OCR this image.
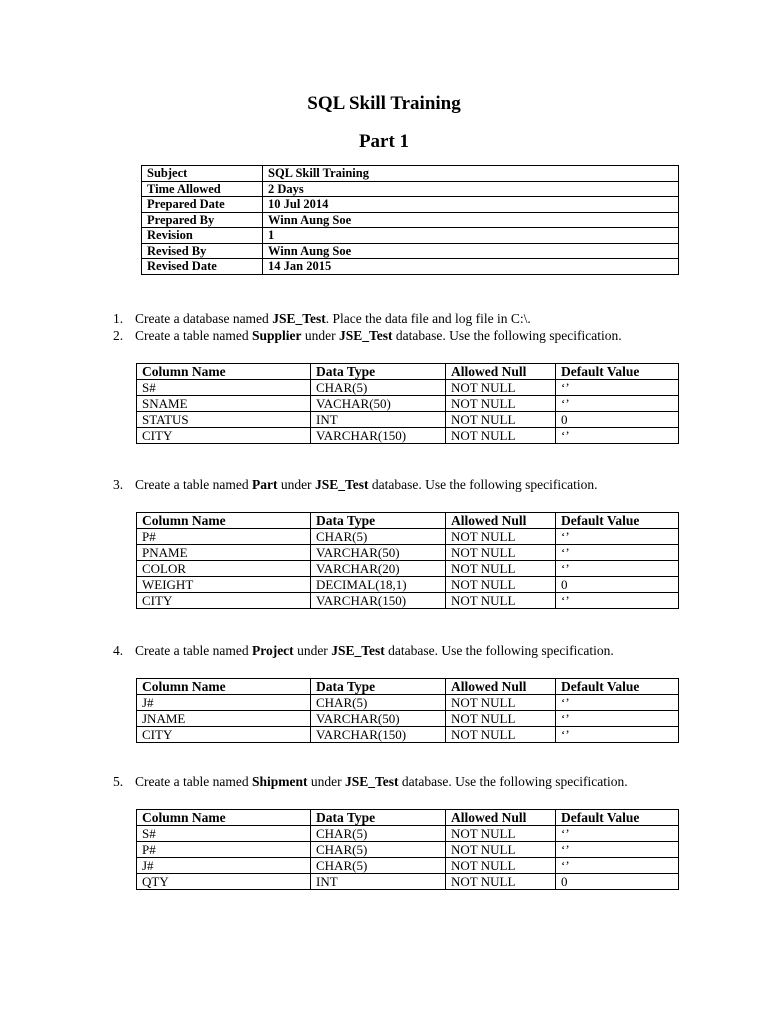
SQL Skill Training
Part 1
Subject	SQL Skill Training
Time Allowed	2 Days
Prepared Date	10 Jul 2014
Prepared By	Winn Aung Soe
Revision	1
Revised By	Winn Aung Soe
Revised Date	14 Jan 2015
1. Create a database named JSE_Test. Place the data file and log file in C:\.
2. Create a table named Supplier under JSE_Test database. Use the following specification.
Column Name	Data Type	Allowed Null	Default Value
S#	CHAR(5)	NOT NULL	‘’
SNAME	VACHAR(50)	NOT NULL	‘’
STATUS	INT	NOT NULL	0
CITY	VARCHAR(150)	NOT NULL	‘’
3. Create a table named Part under JSE_Test database. Use the following specification.
Column Name	Data Type	Allowed Null	Default Value
P#	CHAR(5)	NOT NULL	‘’
PNAME	VARCHAR(50)	NOT NULL	‘’
COLOR	VARCHAR(20)	NOT NULL	‘’
WEIGHT	DECIMAL(18,1)	NOT NULL	0
CITY	VARCHAR(150)	NOT NULL	‘’
4. Create a table named Project under JSE_Test database. Use the following specification.
Column Name	Data Type	Allowed Null	Default Value
J#	CHAR(5)	NOT NULL	‘’
JNAME	VARCHAR(50)	NOT NULL	‘’
CITY	VARCHAR(150)	NOT NULL	‘’
5. Create a table named Shipment under JSE_Test database. Use the following specification.
Column Name	Data Type	Allowed Null	Default Value
S#	CHAR(5)	NOT NULL	‘’
P#	CHAR(5)	NOT NULL	‘’
J#	CHAR(5)	NOT NULL	‘’
QTY	INT	NOT NULL	0
